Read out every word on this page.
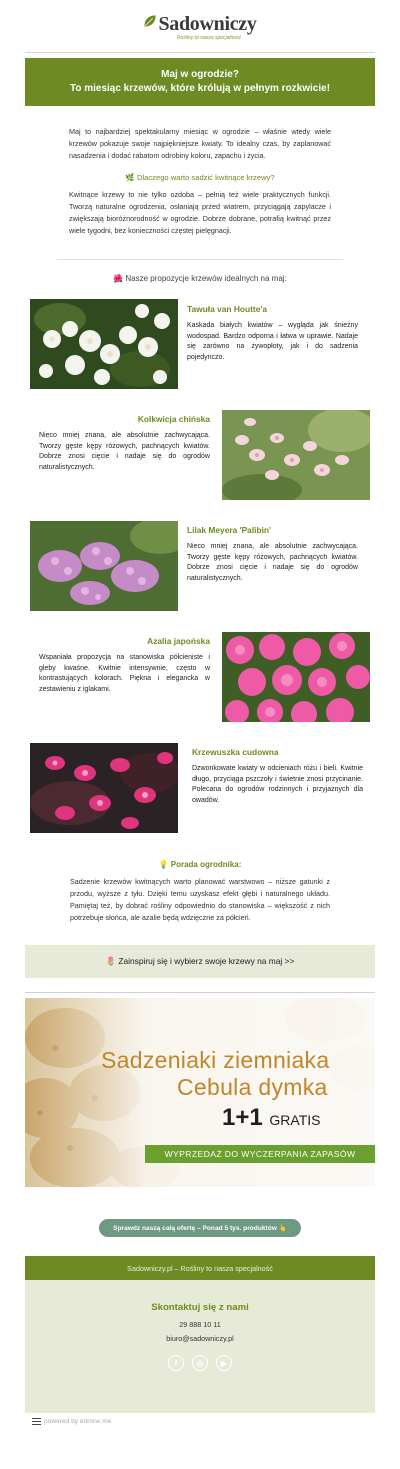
Sadowniczy
Rośliny to nasza specjalność
Maj w ogrodzie?
To miesiąc krzewów, które królują w pełnym rozkwicie!

Maj to najbardziej spektakularny miesiąc w ogrodzie – właśnie wtedy wiele krzewów pokazuje swoje najpiękniejsze kwiaty. To idealny czas, by zaplanować nasadzenia i dodać rabatom odrobiny koloru, zapachu i życia.

🌿 Dlaczego warto sadzić kwitnące krzewy?

Kwitnące krzewy to nie tylko ozdoba – pełnią też wiele praktycznych funkcji. Tworzą naturalne ogrodzenia, osłaniają przed wiatrem, przyciągają zapylacze i zwiększają bioróżnorodność w ogrodzie. Dobrze dobrane, potrafią kwitnąć przez wiele tygodni, bez konieczności częstej pielęgnacji.

🌺 Nasze propozycje krzewów idealnych na maj:
Tawuła van Houtte'a
Kaskada białych kwiatów – wygląda jak śnieżny wodospad. Bardzo odporna i łatwa w uprawie. Nadaje się zarówno na żywopłoty, jak i do sadzenia pojedynczo.
Kolkwicja chińska
Nieco mniej znana, ale absolutnie zachwycająca. Tworzy gęste kępy różowych, pachnących kwiatów. Dobrze znosi cięcie i nadaje się do ogrodów naturalistycznych.
Lilak Meyera 'Palibin'
Nieco mniej znana, ale absolutnie zachwycająca. Tworzy gęste kępy różowych, pachnących kwiatów. Dobrze znosi cięcie i nadaje się do ogrodów naturalistycznych.
Azalia japońska
Wspaniała propozycja na stanowiska półcieniste i gleby kwaśne. Kwitnie intensywnie, często w kontrastujących kolorach. Piękna i elegancka w zestawieniu z iglakami.
Krzewuszka cudowna
Dzwonkowate kwiaty w odcieniach różu i bieli. Kwitnie długo, przyciąga pszczoły i świetnie znosi przycinanie. Polecana do ogrodów rodzinnych i przyjaznych dla owadów.
💡 Porada ogrodnika:

Sadzenie krzewów kwitnących warto planować warstwowo – niższe gatunki z przodu, wyższe z tyłu. Dzięki temu uzyskasz efekt głębi i naturalnego układu. Pamiętaj też, by dobrać rośliny odpowiednio do stanowiska – większość z nich potrzebuje słońca, ale azalie będą wdzięczne za półcień.

🌷 Zainspiruj się i wybierz swoje krzewy na maj >>
Sadzeniaki ziemniaka
Cebula dymka
1+1 GRATIS
WYPRZEDAŻ DO WYCZERPANIA ZAPASÓW
Sprawdz naszą całą ofertę – Ponad 5 tys. produktów 👆
Sadowniczy.pl – Rośliny to nasza specjalność
Skontaktuj się z nami
29 888 10 11
biuro@sadowniczy.pl
f	◎	▶
powered by edrone.me
